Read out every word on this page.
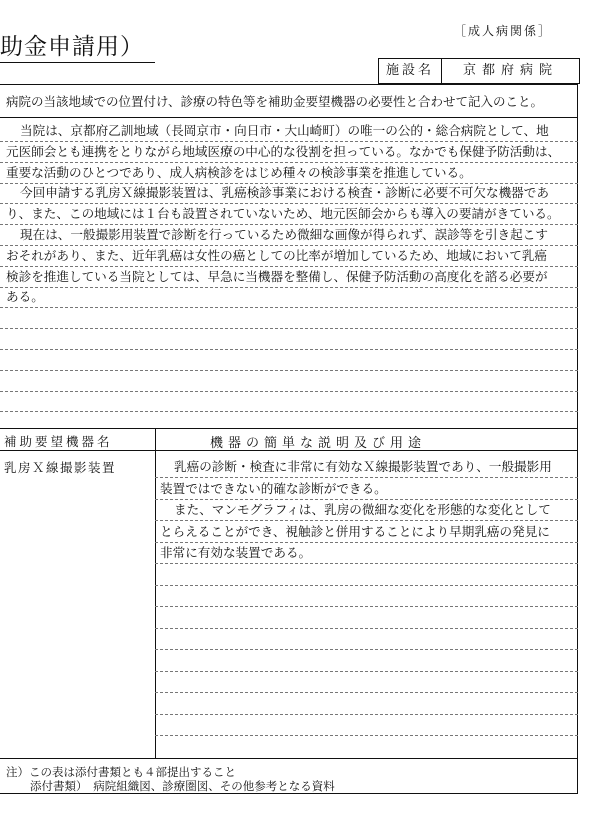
助金申請用）
［成人病関係］
施設名	京都府病院
病院の当該地域での位置付け、診療の特色等を補助金要望機器の必要性と合わせて記入のこと。
当院は、京都府乙訓地域（長岡京市・向日市・大山崎町）の唯一の公的・総合病院として、地
元医師会とも連携をとりながら地域医療の中心的な役割を担っている。なかでも保健予防活動は、
重要な活動のひとつであり、成人病検診をはじめ種々の検診事業を推進している。
今回申請する乳房Ｘ線撮影装置は、乳癌検診事業における検査・診断に必要不可欠な機器であ
り、また、この地域には１台も設置されていないため、地元医師会からも導入の要請がきている。
現在は、一般撮影用装置で診断を行っているため微細な画像が得られず、誤診等を引き起こす
おそれがあり、また、近年乳癌は女性の癌としての比率が増加しているため、地域において乳癌
検診を推進している当院としては、早急に当機器を整備し、保健予防活動の高度化を諮る必要が
ある。
補助要望機器名	機器の簡単な説明及び用途
乳房Ｘ線撮影装置	乳癌の診断・検査に非常に有効なＸ線撮影装置であり、一般撮影用
装置ではできない的確な診断ができる。
また、マンモグラフィは、乳房の微細な変化を形態的な変化として
とらえることができ、視触診と併用することにより早期乳癌の発見に
非常に有効な装置である。
注）この表は添付書類とも４部提出すること
添付書類）　病院組織図、診療圏図、その他参考となる資料
